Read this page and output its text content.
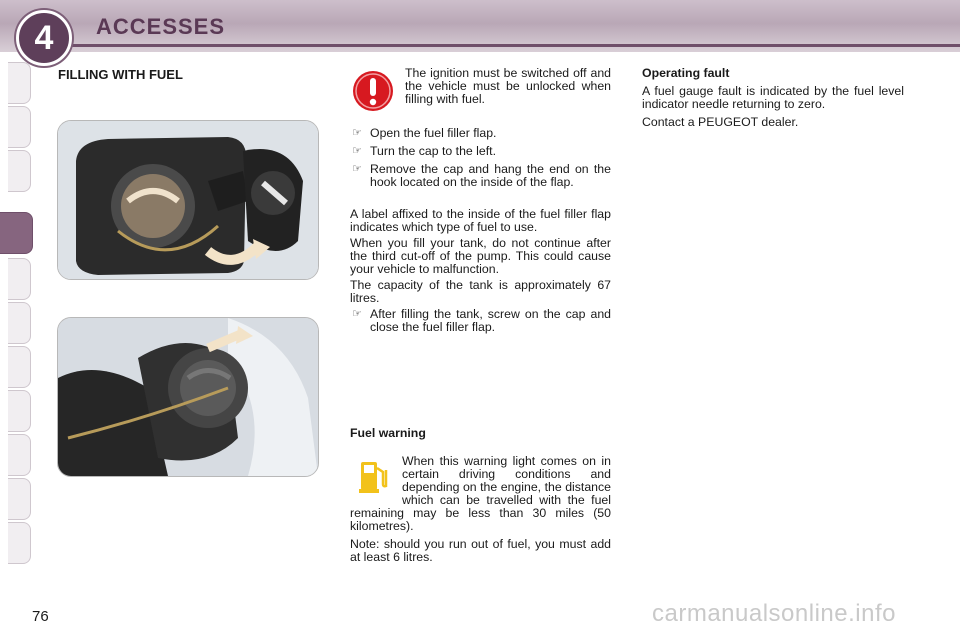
4	ACCESSES
FILLING WITH FUEL	The ignition must be switched off and the vehicle must be unlocked when filling with fuel.
☞ Open the fuel filler flap.
☞ Turn the cap to the left.
☞ Remove the cap and hang the end on the hook located on the inside of the flap.

A label affixed to the inside of the fuel filler flap indicates which type of fuel to use.

When you fill your tank, do not continue after the third cut-off of the pump. This could cause your vehicle to malfunction.

The capacity of the tank is approximately 67 litres.

☞ After filling the tank, screw on the cap and close the fuel filler flap.
Fuel warning

When this warning light comes on in certain driving conditions and depending on the engine, the distance which can be travelled with the fuel remaining may be less than 30 miles (50 kilometres).

Note: should you run out of fuel, you must add at least 6 litres.

Operating fault

A fuel gauge fault is indicated by the fuel level indicator needle returning to zero.

Contact a PEUGEOT dealer.

76	carmanualsonline.info
